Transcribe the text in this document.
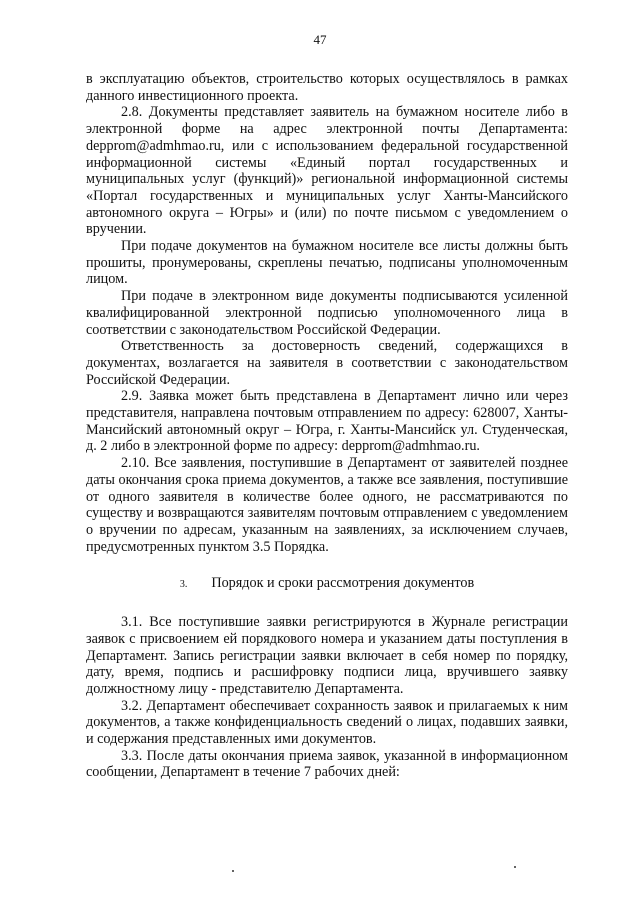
47

в эксплуатацию объектов, строительство которых осуществлялось в рамках данного инвестиционного проекта.

2.8. Документы представляет заявитель на бумажном носителе либо в электронной форме на адрес электронной почты Департамента: depprom@admhmao.ru, или с использованием федеральной государственной информационной системы «Единый портал государственных и муниципальных услуг (функций)» региональной информационной системы «Портал государственных и муниципальных услуг Ханты-Мансийского автономного округа – Югры» и (или) по почте письмом с уведомлением о вручении.

При подаче документов на бумажном носителе все листы должны быть прошиты, пронумерованы, скреплены печатью, подписаны уполномоченным лицом.

При подаче в электронном виде документы подписываются усиленной квалифицированной электронной подписью уполномоченного лица в соответствии с законодательством Российской Федерации.

Ответственность за достоверность сведений, содержащихся в документах, возлагается на заявителя в соответствии с законодательством Российской Федерации.

2.9. Заявка может быть представлена в Департамент лично или через представителя, направлена почтовым отправлением по адресу: 628007, Ханты-Мансийский автономный округ – Югра, г. Ханты-Мансийск ул. Студенческая, д. 2 либо в электронной форме по адресу: depprom@admhmao.ru.

2.10. Все заявления, поступившие в Департамент от заявителей позднее даты окончания срока приема документов, а также все заявления, поступившие от одного заявителя в количестве более одного, не рассматриваются по существу и возвращаются заявителям почтовым отправлением с уведомлением о вручении по адресам, указанным на заявлениях, за исключением случаев, предусмотренных пунктом 3.5 Порядка.

3. Порядок и сроки рассмотрения документов

3.1. Все поступившие заявки регистрируются в Журнале регистрации заявок с присвоением ей порядкового номера и указанием даты поступления в Департамент. Запись регистрации заявки включает в себя номер по порядку, дату, время, подпись и расшифровку подписи лица, вручившего заявку должностному лицу - представителю Департамента.

3.2. Департамент обеспечивает сохранность заявок и прилагаемых к ним документов, а также конфиденциальность сведений о лицах, подавших заявки, и содержания представленных ими документов.

3.3. После даты окончания приема заявок, указанной в информационном сообщении, Департамент в течение 7 рабочих дней:
